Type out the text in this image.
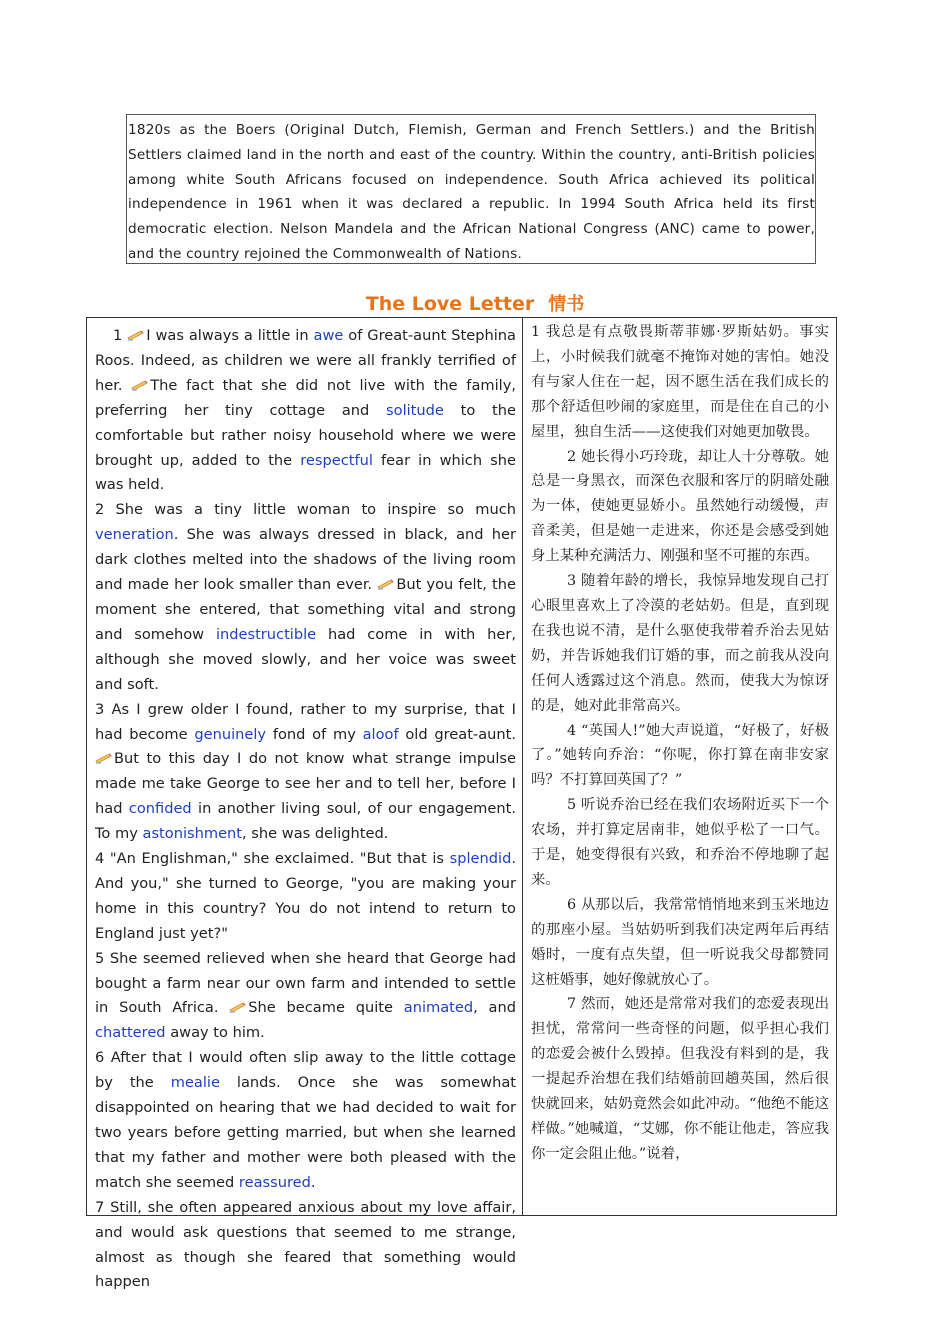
1820s as the Boers (Original Dutch, Flemish, German and French Settlers.) and the British Settlers claimed land in the north and east of the country. Within the country, anti-British policies among white South Africans focused on independence. South Africa achieved its political independence in 1961 when it was declared a republic. In 1994 South Africa held its first democratic election. Nelson Mandela and the African National Congress (ANC) came to power, and the country rejoined the Commonwealth of Nations.

The Love Letter 情书

1 I was always a little in awe of Great-aunt Stephina Roos. Indeed, as children we were all frankly terrified of her. The fact that she did not live with the family, preferring her tiny cottage and solitude to the comfortable but rather noisy household where we were brought up, added to the respectful fear in which she was held.

2 She was a tiny little woman to inspire so much veneration. She was always dressed in black, and her dark clothes melted into the shadows of the living room and made her look smaller than ever. But you felt, the moment she entered, that something vital and strong and somehow indestructible had come in with her, although she moved slowly, and her voice was sweet and soft.

3 As I grew older I found, rather to my surprise, that I had become genuinely fond of my aloof old great-aunt. But to this day I do not know what strange impulse made me take George to see her and to tell her, before I had confided in another living soul, of our engagement. To my astonishment, she was delighted.

4 "An Englishman," she exclaimed. "But that is splendid. And you," she turned to George, "you are making your home in this country? You do not intend to return to England just yet?"

5 She seemed relieved when she heard that George had bought a farm near our own farm and intended to settle in South Africa. She became quite animated, and chattered away to him.

6 After that I would often slip away to the little cottage by the mealie lands. Once she was somewhat disappointed on hearing that we had decided to wait for two years before getting married, but when she learned that my father and mother were both pleased with the match she seemed reassured.

7 Still, she often appeared anxious about my love affair, and would ask questions that seemed to me strange, almost as though she feared that something would happen

1 我总是有点敬畏斯蒂菲娜·罗斯姑奶。事实上，小时候我们就毫不掩饰对她的害怕。她没有与家人住在一起，因不愿生活在我们成长的那个舒适但吵闹的家庭里，而是住在自己的小屋里，独自生活——这使我们对她更加敬畏。

2 她长得小巧玲珑，却让人十分尊敬。她总是一身黑衣，而深色衣服和客厅的阴暗处融为一体，使她更显娇小。虽然她行动缓慢，声音柔美，但是她一走进来，你还是会感受到她身上某种充满活力、刚强和坚不可摧的东西。

3 随着年龄的增长，我惊异地发现自己打心眼里喜欢上了冷漠的老姑奶。但是，直到现在我也说不清，是什么驱使我带着乔治去见姑奶，并告诉她我们订婚的事，而之前我从没向任何人透露过这个消息。然而，使我大为惊讶的是，她对此非常高兴。

4 “英国人!”她大声说道，“好极了，好极了。”她转向乔治：“你呢，你打算在南非安家吗？不打算回英国了？”

5 听说乔治已经在我们农场附近买下一个农场，并打算定居南非，她似乎松了一口气。于是，她变得很有兴致，和乔治不停地聊了起来。

6 从那以后，我常常悄悄地来到玉米地边的那座小屋。当姑奶听到我们决定两年后再结婚时，一度有点失望，但一听说我父母都赞同这桩婚事，她好像就放心了。

7 然而，她还是常常对我们的恋爱表现出担忧，常常问一些奇怪的问题，似乎担心我们的恋爱会被什么毁掉。但我没有料到的是，我一提起乔治想在我们结婚前回趟英国，然后很快就回来，姑奶竟然会如此冲动。“他绝不能这样做。”她喊道，“艾娜，你不能让他走，答应我你一定会阻止他。”说着，
